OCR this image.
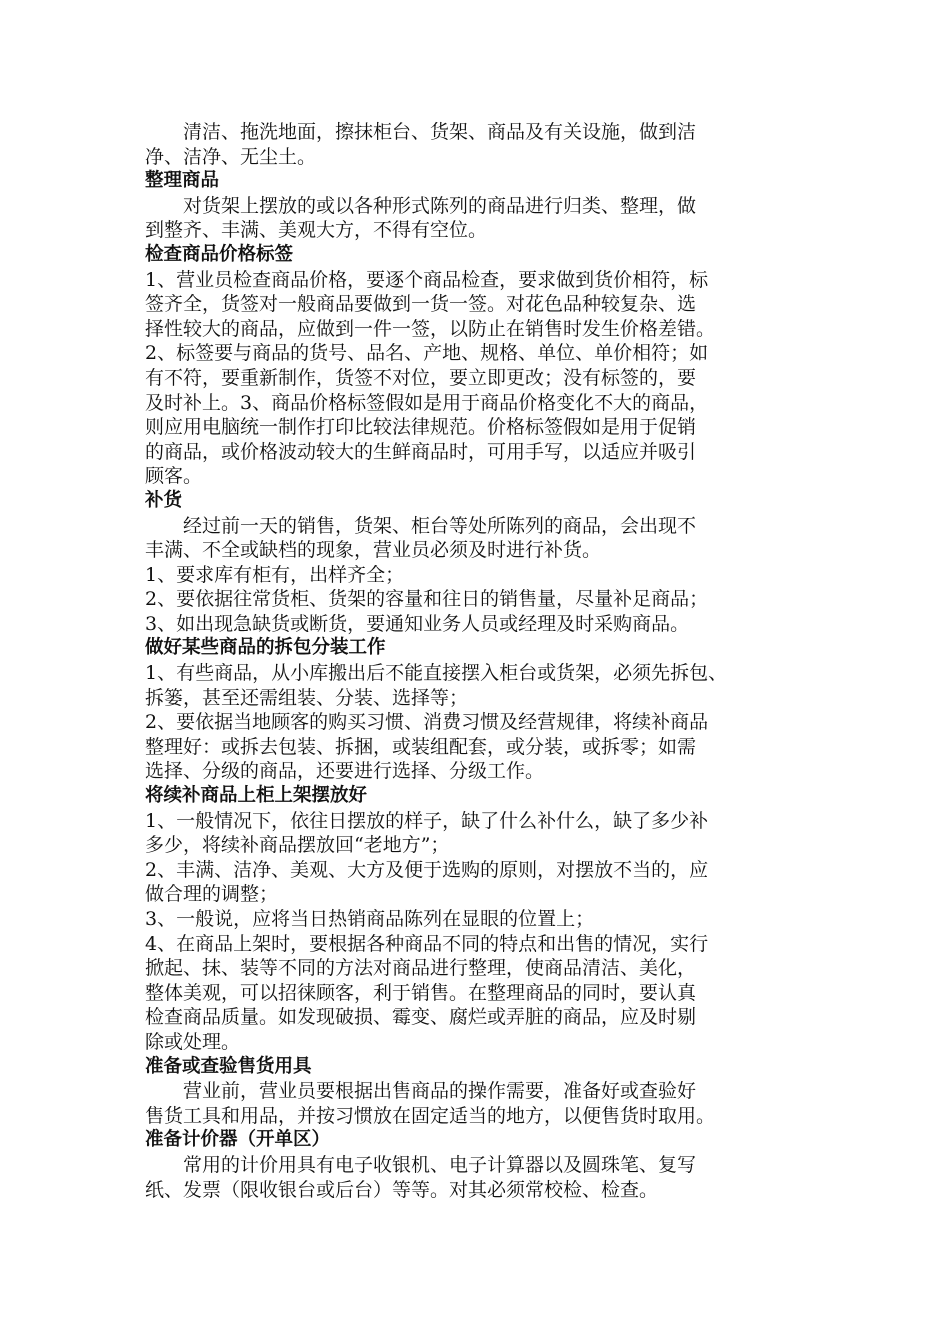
清洁、拖洗地面，擦抹柜台、货架、商品及有关设施，做到洁

净、洁净、无尘土。

整理商品

对货架上摆放的或以各种形式陈列的商品进行归类、整理，做

到整齐、丰满、美观大方，不得有空位。

检查商品价格标签

1、营业员检查商品价格，要逐个商品检查，要求做到货价相符，标

签齐全，货签对一般商品要做到一货一签。对花色品种较复杂、选

择性较大的商品，应做到一件一签，以防止在销售时发生价格差错。

2、标签要与商品的货号、品名、产地、规格、单位、单价相符；如

有不符，要重新制作，货签不对位，要立即更改；没有标签的，要

及时补上。3、商品价格标签假如是用于商品价格变化不大的商品，

则应用电脑统一制作打印比较法律规范。价格标签假如是用于促销

的商品，或价格波动较大的生鲜商品时，可用手写，以适应并吸引

顾客。

补货

经过前一天的销售，货架、柜台等处所陈列的商品，会出现不

丰满、不全或缺档的现象，营业员必须及时进行补货。

1、要求库有柜有，出样齐全；

2、要依据往常货柜、货架的容量和往日的销售量，尽量补足商品；

3、如出现急缺货或断货，要通知业务人员或经理及时采购商品。

做好某些商品的拆包分装工作

1、有些商品，从小库搬出后不能直接摆入柜台或货架，必须先拆包、

拆篓，甚至还需组装、分装、选择等；

2、要依据当地顾客的购买习惯、消费习惯及经营规律，将续补商品

整理好：或拆去包装、拆捆，或装组配套，或分装，或拆零；如需

选择、分级的商品，还要进行选择、分级工作。

将续补商品上柜上架摆放好

1、一般情况下，依往日摆放的样子，缺了什么补什么，缺了多少补

多少，将续补商品摆放回“老地方”；

2、丰满、洁净、美观、大方及便于选购的原则，对摆放不当的，应

做合理的调整；

3、一般说，应将当日热销商品陈列在显眼的位置上；

4、在商品上架时，要根据各种商品不同的特点和出售的情况，实行

掀起、抹、装等不同的方法对商品进行整理，使商品清洁、美化，

整体美观，可以招徕顾客，利于销售。在整理商品的同时，要认真

检查商品质量。如发现破损、霉变、腐烂或弄脏的商品，应及时剔

除或处理。

准备或查验售货用具

营业前，营业员要根据出售商品的操作需要，准备好或查验好

售货工具和用品，并按习惯放在固定适当的地方，以便售货时取用。

准备计价器（开单区）

常用的计价用具有电子收银机、电子计算器以及圆珠笔、复写

纸、发票（限收银台或后台）等等。对其必须常校检、检查。
